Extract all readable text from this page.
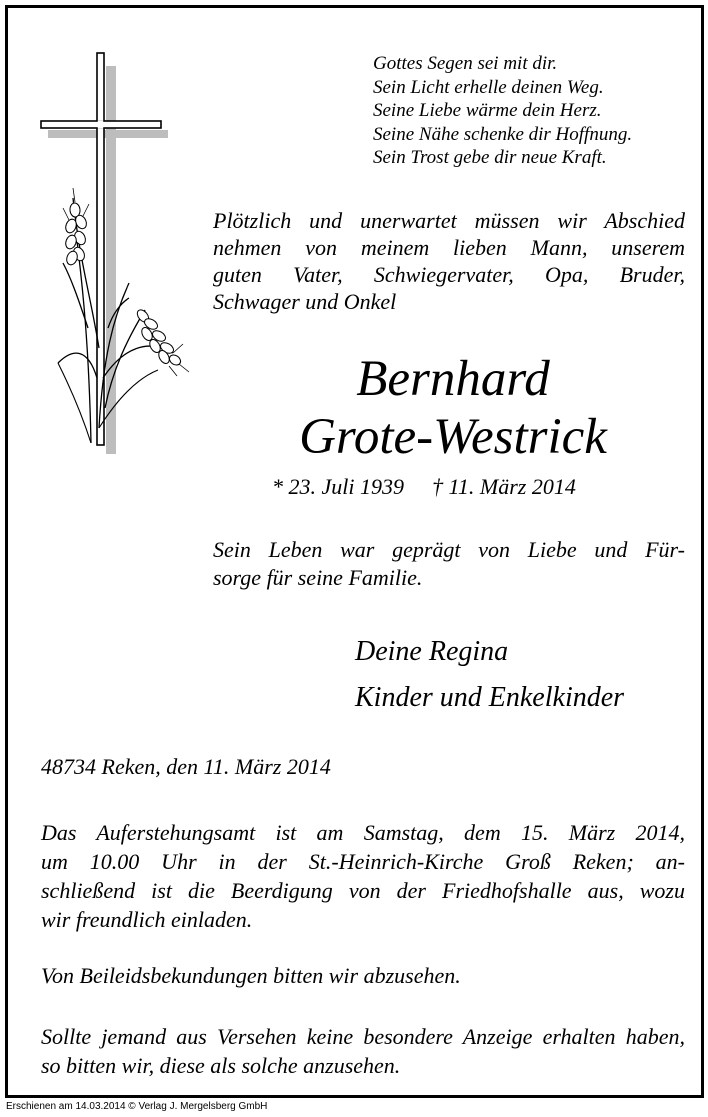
Gottes Segen sei mit dir.
Sein Licht erhelle deinen Weg.
Seine Liebe wärme dein Herz.
Seine Nähe schenke dir Hoffnung.
Sein Trost gebe dir neue Kraft.
Plötzlich und unerwartet müssen wir Abschied
nehmen von meinem lieben Mann, unserem
guten Vater, Schwiegervater, Opa, Bruder,
Schwager und Onkel
Bernhard
Grote-Westrick
* 23. Juli 1939 † 11. März 2014
Sein Leben war geprägt von Liebe und Für-
sorge für seine Familie.
Deine Regina
Kinder und Enkelkinder
48734 Reken, den 11. März 2014
Das Auferstehungsamt ist am Samstag, dem 15. März 2014,
um 10.00 Uhr in der St.-Heinrich-Kirche Groß Reken; an-
schließend ist die Beerdigung von der Friedhofshalle aus, wozu
wir freundlich einladen.
Von Beileidsbekundungen bitten wir abzusehen.
Sollte jemand aus Versehen keine besondere Anzeige erhalten haben,
so bitten wir, diese als solche anzusehen.
Erschienen am 14.03.2014 © Verlag J. Mergelsberg GmbH
